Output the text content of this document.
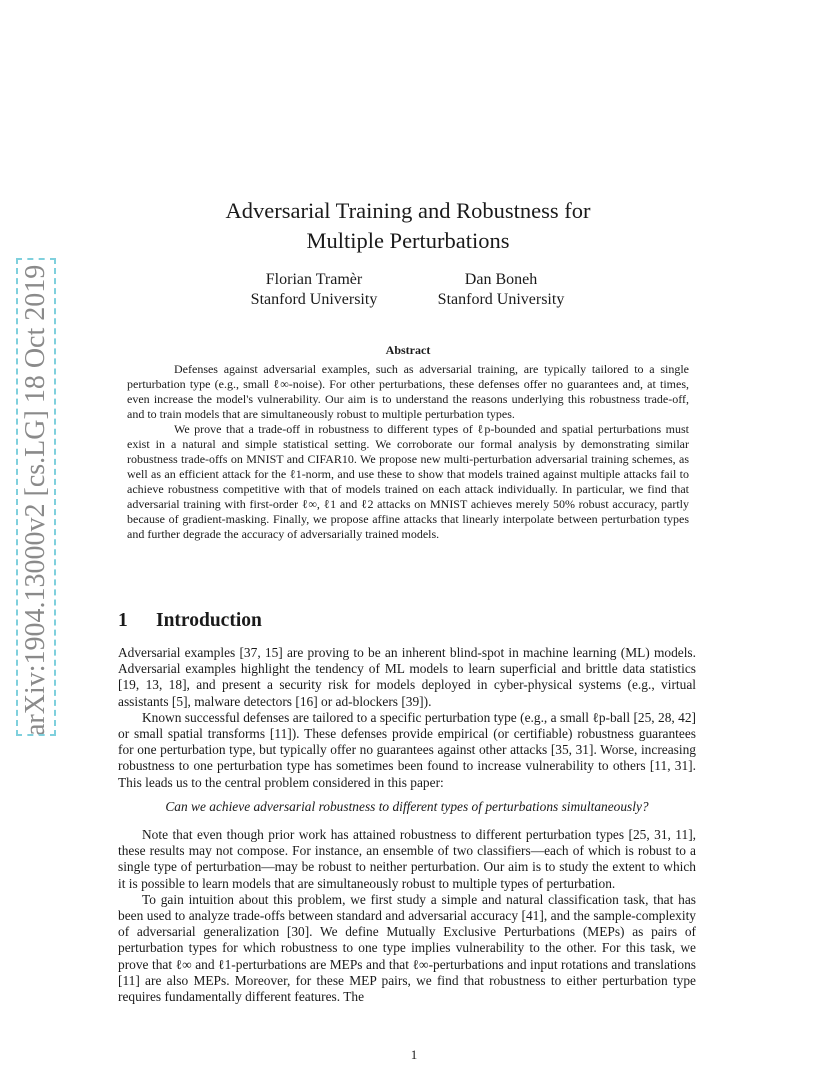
arXiv:1904.13000v2 [cs.LG] 18 Oct 2019
Adversarial Training and Robustness for
Multiple Perturbations
Florian Tramèr
Stanford University
Dan Boneh
Stanford University
Abstract

Defenses against adversarial examples, such as adversarial training, are typically tailored to a single perturbation type (e.g., small ℓ∞-noise). For other perturbations, these defenses offer no guarantees and, at times, even increase the model's vulnerability. Our aim is to understand the reasons underlying this robustness trade-off, and to train models that are simultaneously robust to multiple perturbation types.

We prove that a trade-off in robustness to different types of ℓp-bounded and spatial perturbations must exist in a natural and simple statistical setting. We corroborate our formal analysis by demonstrating similar robustness trade-offs on MNIST and CIFAR10. We propose new multi-perturbation adversarial training schemes, as well as an efficient attack for the ℓ1-norm, and use these to show that models trained against multiple attacks fail to achieve robustness competitive with that of models trained on each attack individually. In particular, we find that adversarial training with first-order ℓ∞, ℓ1 and ℓ2 attacks on MNIST achieves merely 50% robust accuracy, partly because of gradient-masking. Finally, we propose affine attacks that linearly interpolate between perturbation types and further degrade the accuracy of adversarially trained models.

1 Introduction

Adversarial examples [37, 15] are proving to be an inherent blind-spot in machine learning (ML) models. Adversarial examples highlight the tendency of ML models to learn superficial and brittle data statistics [19, 13, 18], and present a security risk for models deployed in cyber-physical systems (e.g., virtual assistants [5], malware detectors [16] or ad-blockers [39]).

Known successful defenses are tailored to a specific perturbation type (e.g., a small ℓp-ball [25, 28, 42] or small spatial transforms [11]). These defenses provide empirical (or certifiable) robustness guarantees for one perturbation type, but typically offer no guarantees against other attacks [35, 31]. Worse, increasing robustness to one perturbation type has sometimes been found to increase vulnerability to others [11, 31]. This leads us to the central problem considered in this paper:

Can we achieve adversarial robustness to different types of perturbations simultaneously?

Note that even though prior work has attained robustness to different perturbation types [25, 31, 11], these results may not compose. For instance, an ensemble of two classifiers—each of which is robust to a single type of perturbation—may be robust to neither perturbation. Our aim is to study the extent to which it is possible to learn models that are simultaneously robust to multiple types of perturbation.

To gain intuition about this problem, we first study a simple and natural classification task, that has been used to analyze trade-offs between standard and adversarial accuracy [41], and the sample-complexity of adversarial generalization [30]. We define Mutually Exclusive Perturbations (MEPs) as pairs of perturbation types for which robustness to one type implies vulnerability to the other. For this task, we prove that ℓ∞ and ℓ1-perturbations are MEPs and that ℓ∞-perturbations and input rotations and translations [11] are also MEPs. Moreover, for these MEP pairs, we find that robustness to either perturbation type requires fundamentally different features. The

1
